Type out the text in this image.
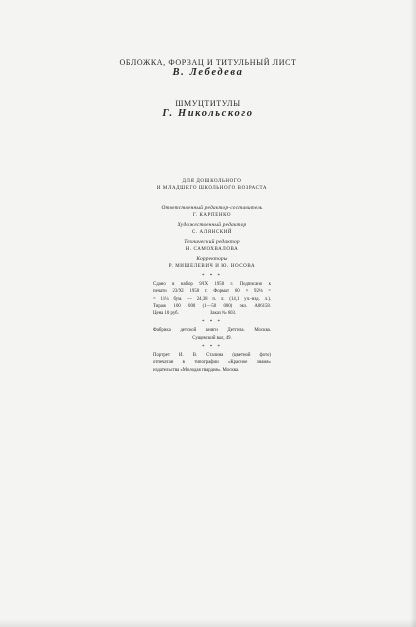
ОБЛОЖКА, ФОРЗАЦ И ТИТУЛЬНЫЙ ЛИСТ
В. Лебедева
ШМУЦТИТУЛЫ
Г. Никольского
ДЛЯ ДОШКОЛЬНОГО
И МЛАДШЕГО ШКОЛЬНОГО ВОЗРАСТА
Ответственный редактор-составитель
Г. КАРПЕНКО
Художественный редактор
С. АЛЯНСКИЙ
Технический редактор
Н. САМОХВАЛОВА
Корректоры
Р. МИШЕЛЕВИЧ И Ю. НОСОВА
* * *
Сдано в набор 9/IX 1950 г. Подписано к
печати 23/XI 1950 г. Формат 60 × 92⅛ =
= 11¼ бум. — 24,38 п. л. (14,1 уч.-изд. л.).
Тираж 100 000 (1—50 000) экз. А06158.
Цена 10 руб.                          Заказ № 603.
* * *
Фабрика детской книги Детгиза. Москва.
Сущевский вал, 49.
* * *
Портрет И. В. Сталина (цветной фото)
отпечатан в типографии «Красное знамя»
издательства «Молодая гвардия». Москва.
